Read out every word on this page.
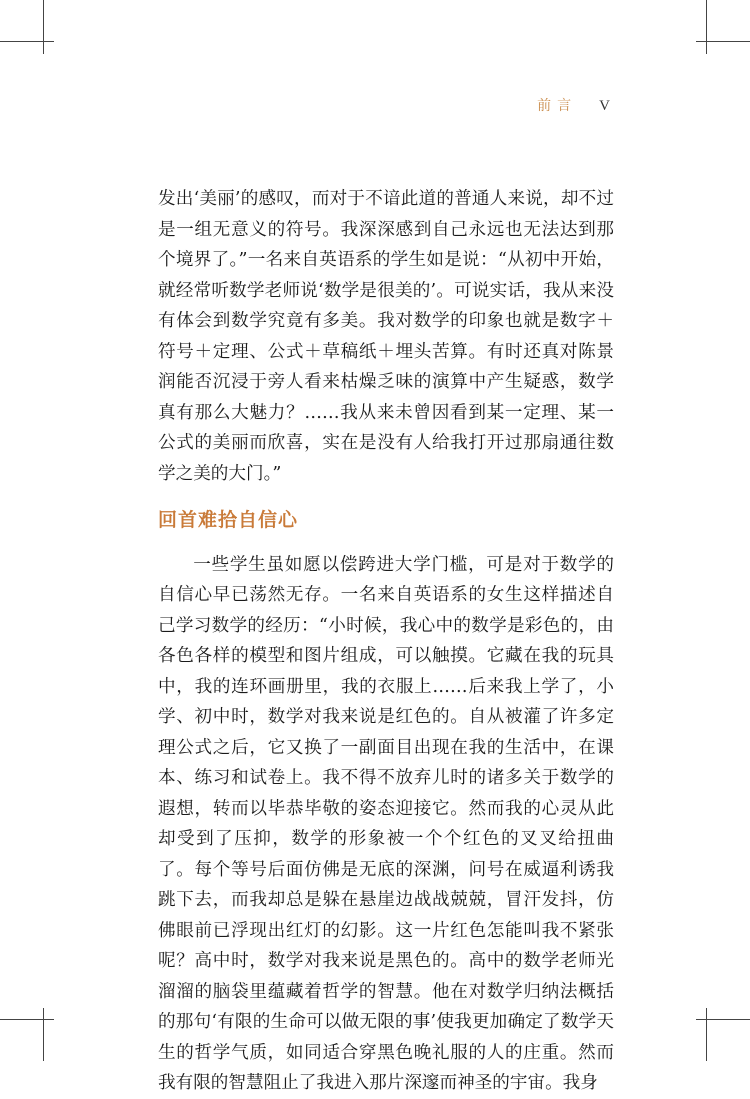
前言 V

发出‘美丽’的感叹，而对于不谙此道的普通人来说，却不过是一组无意义的符号。我深深感到自己永远也无法达到那个境界了。”一名来自英语系的学生如是说：“从初中开始，就经常听数学老师说‘数学是很美的’。可说实话，我从来没有体会到数学究竟有多美。我对数学的印象也就是数字＋符号＋定理、公式＋草稿纸＋埋头苦算。有时还真对陈景润能否沉浸于旁人看来枯燥乏味的演算中产生疑惑，数学真有那么大魅力？……我从来未曾因看到某一定理、某一公式的美丽而欣喜，实在是没有人给我打开过那扇通往数学之美的大门。”

回首难拾自信心

一些学生虽如愿以偿跨进大学门槛，可是对于数学的自信心早已荡然无存。一名来自英语系的女生这样描述自己学习数学的经历：“小时候，我心中的数学是彩色的，由各色各样的模型和图片组成，可以触摸。它藏在我的玩具中，我的连环画册里，我的衣服上……后来我上学了，小学、初中时，数学对我来说是红色的。自从被灌了许多定理公式之后，它又换了一副面目出现在我的生活中，在课本、练习和试卷上。我不得不放弃儿时的诸多关于数学的遐想，转而以毕恭毕敬的姿态迎接它。然而我的心灵从此却受到了压抑，数学的形象被一个个红色的叉叉给扭曲了。每个等号后面仿佛是无底的深渊，问号在威逼利诱我跳下去，而我却总是躲在悬崖边战战兢兢，冒汗发抖，仿佛眼前已浮现出红灯的幻影。这一片红色怎能叫我不紧张呢？高中时，数学对我来说是黑色的。高中的数学老师光溜溜的脑袋里蕴藏着哲学的智慧。他在对数学归纳法概括的那句‘有限的生命可以做无限的事’使我更加确定了数学天生的哲学气质，如同适合穿黑色晚礼服的人的庄重。然而我有限的智慧阻止了我进入那片深邃而神圣的宇宙。我身
